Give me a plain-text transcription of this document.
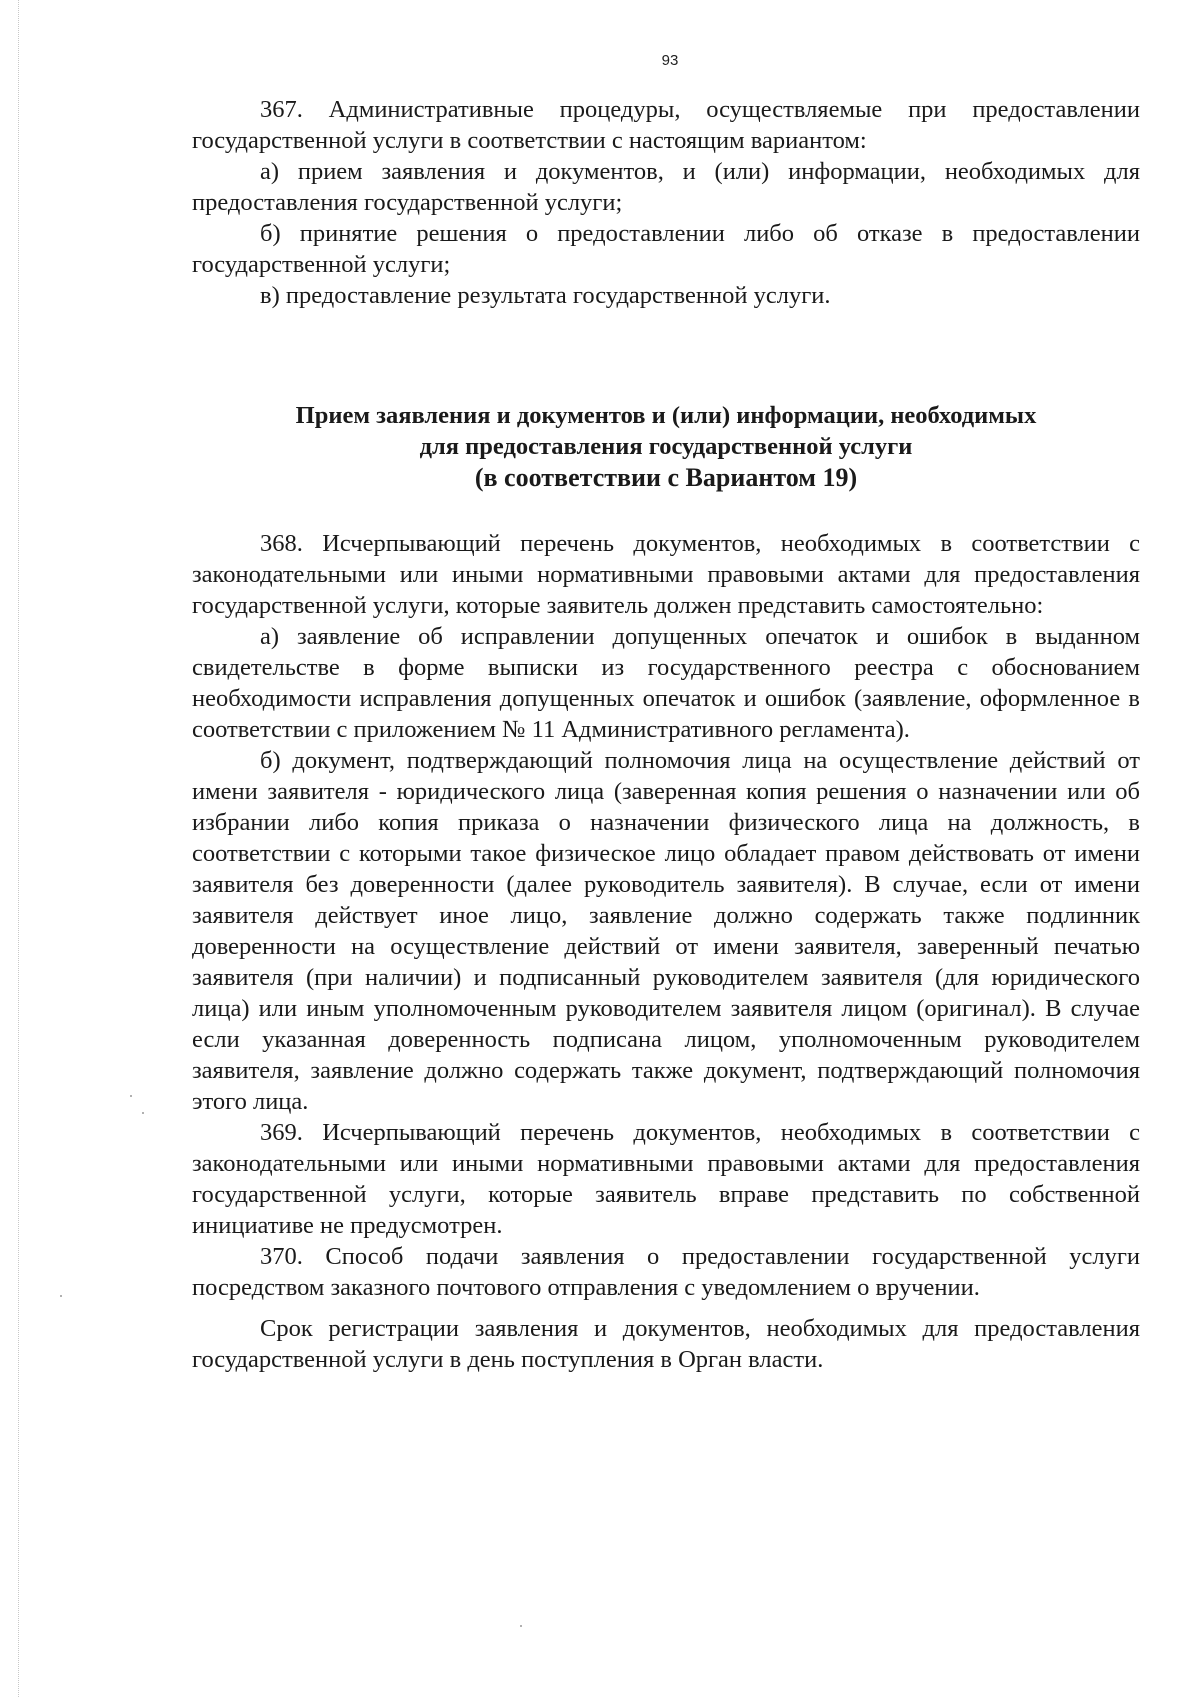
93

367. Административные процедуры, осуществляемые при предоставлении государственной услуги в соответствии с настоящим вариантом:

а) прием заявления и документов, и (или) информации, необходимых для предоставления государственной услуги;

б) принятие решения о предоставлении либо об отказе в предоставлении государственной услуги;

в) предоставление результата государственной услуги.

Прием заявления и документов и (или) информации, необходимых
для предоставления государственной услуги
(в соответствии с Вариантом 19)

368. Исчерпывающий перечень документов, необходимых в соответствии с законодательными или иными нормативными правовыми актами для предоставления государственной услуги, которые заявитель должен представить самостоятельно:

а) заявление об исправлении допущенных опечаток и ошибок в выданном свидетельстве в форме выписки из государственного реестра с обоснованием необходимости исправления допущенных опечаток и ошибок (заявление, оформленное в соответствии с приложением № 11 Административного регламента).

б) документ, подтверждающий полномочия лица на осуществление действий от имени заявителя - юридического лица (заверенная копия решения о назначении или об избрании либо копия приказа о назначении физического лица на должность, в соответствии с которыми такое физическое лицо обладает правом действовать от имени заявителя без доверенности (далее руководитель заявителя). В случае, если от имени заявителя действует иное лицо, заявление должно содержать также подлинник доверенности на осуществление действий от имени заявителя, заверенный печатью заявителя (при наличии) и подписанный руководителем заявителя (для юридического лица) или иным уполномоченным руководителем заявителя лицом (оригинал). В случае если указанная доверенность подписана лицом, уполномоченным руководителем заявителя, заявление должно содержать также документ, подтверждающий полномочия этого лица.

369. Исчерпывающий перечень документов, необходимых в соответствии с законодательными или иными нормативными правовыми актами для предоставления государственной услуги, которые заявитель вправе представить по собственной инициативе не предусмотрен.

370. Способ подачи заявления о предоставлении государственной услуги посредством заказного почтового отправления с уведомлением о вручении.

Срок регистрации заявления и документов, необходимых для предоставления государственной услуги в день поступления в Орган власти.
